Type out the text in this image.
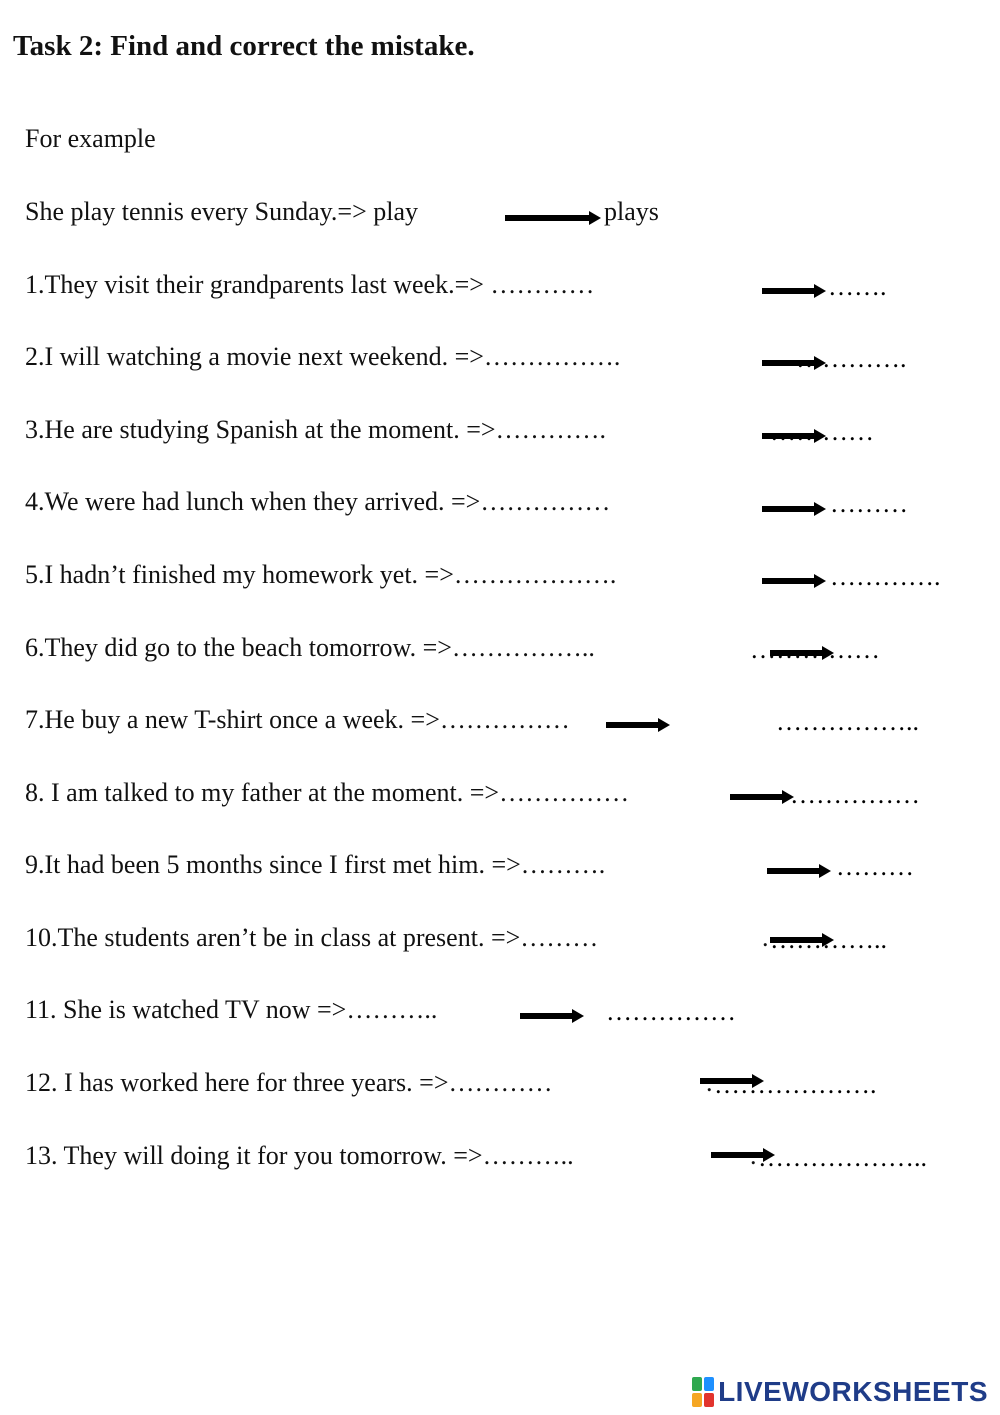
Task 2: Find and correct the mistake.
For example
She play tennis every Sunday.=> play	plays
1.They visit their grandparents last week.=> …………
…….
2.I will watching a movie next weekend. =>…………….
………….
3.He are studying Spanish at the moment. =>………….
…………
4.We were had lunch when they arrived. =>……………
………
5.I hadn’t finished my homework yet. =>……………….
………….
6.They did go to the beach tomorrow. =>……………..
……………
7.He buy a new T-shirt once a week. =>……………
……………..
8. I am talked to my father at the moment. =>……………
……………
9.It had been 5 months since I first met him. =>……….
………
10.The students aren’t be in class at present. =>………	.
…………..
11. She is watched TV now =>………..
……………
12. I has worked here for three years. =>…………
……………….
13. They will doing it for you tomorrow. =>………..
………………..
LIVEWORKSHEETS
